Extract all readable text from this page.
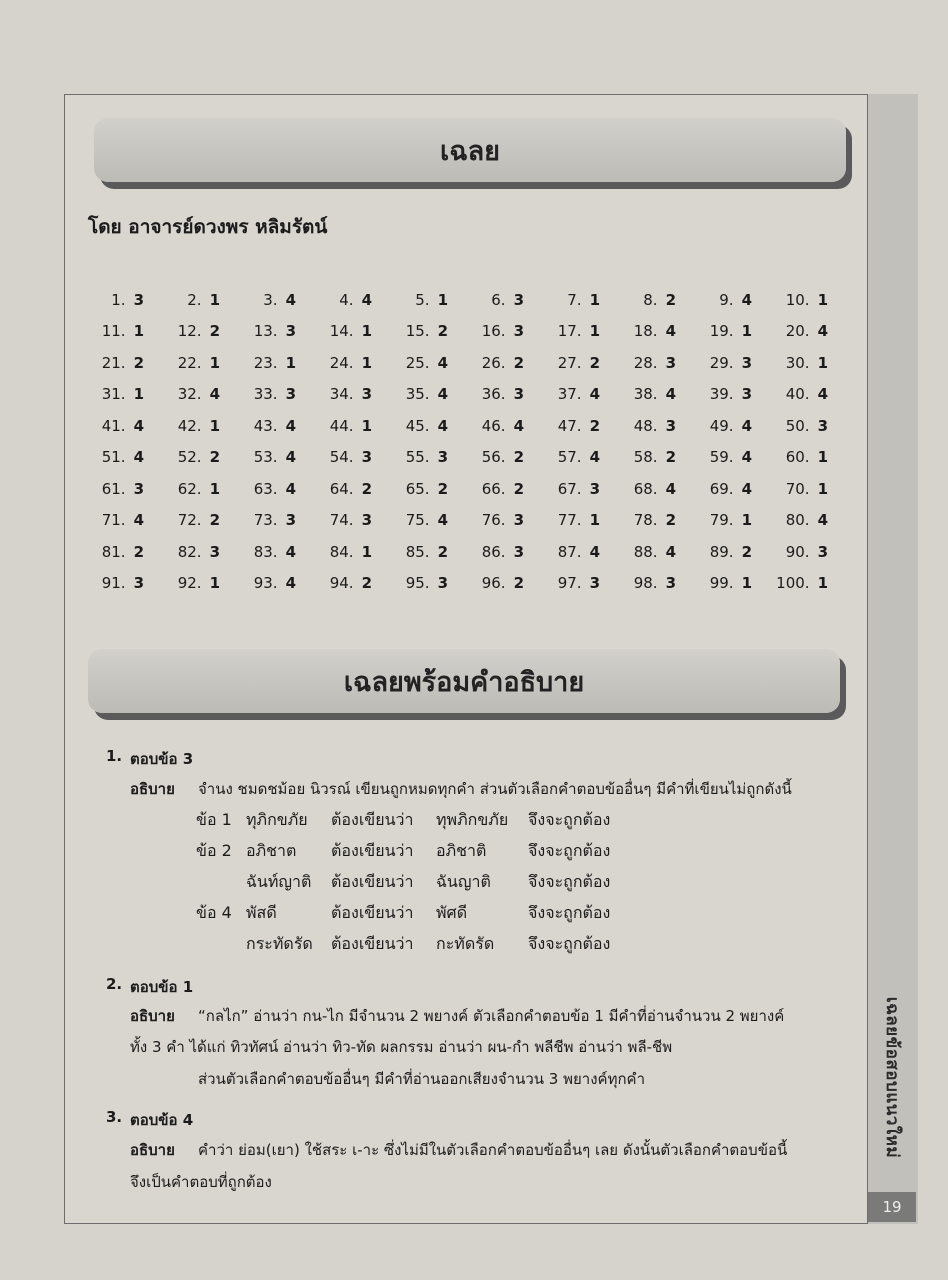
เฉลยข้อสอบแนวใหม่
19
เฉลย
โดย อาจารย์ดวงพร หลิมรัตน์
1. 3	2. 1	3. 4	4. 4	5. 1	6. 3	7. 1	8. 2	9. 4 10. 1
11. 1 12. 2 13. 3 14. 1 15. 2 16. 3 17. 1 18. 4 19. 1 20. 4
21. 2 22. 1 23. 1 24. 1 25. 4 26. 2 27. 2 28. 3 29. 3 30. 1
31. 1 32. 4 33. 3 34. 3 35. 4 36. 3 37. 4 38. 4 39. 3 40. 4
41. 4 42. 1 43. 4 44. 1 45. 4 46. 4 47. 2 48. 3 49. 4 50. 3
51. 4 52. 2 53. 4 54. 3 55. 3 56. 2 57. 4 58. 2 59. 4 60. 1
61. 3 62. 1 63. 4 64. 2 65. 2 66. 2 67. 3 68. 4 69. 4 70. 1
71. 4 72. 2 73. 3 74. 3 75. 4 76. 3 77. 1 78. 2 79. 1 80. 4
81. 2 82. 3 83. 4 84. 1 85. 2 86. 3 87. 4 88. 4 89. 2 90. 3
91. 3 92. 1 93. 4 94. 2 95. 3 96. 2 97. 3 98. 3 99. 1 100. 1
เฉลยพร้อมคำอธิบาย
1. ตอบข้อ 3
อธิบาย จำนง ชมดชม้อย นิวรณ์ เขียนถูกหมดทุกคำ ส่วนตัวเลือกคำตอบข้ออื่นๆ มีคำที่เขียนไม่ถูกดังนี้
ข้อ 1 ทุภิกขภัย ต้องเขียนว่า ทุพภิกขภัย จึงจะถูกต้อง
ข้อ 2 อภิชาต ต้องเขียนว่า อภิชาติ	จึงจะถูกต้อง
ฉันท์ญาติ ต้องเขียนว่า ฉันญาติ จึงจะถูกต้อง
ข้อ 4 พัสดี	ต้องเขียนว่า พัศดี	จึงจะถูกต้อง
กระทัดรัด ต้องเขียนว่า กะทัดรัด จึงจะถูกต้อง
2. ตอบข้อ 1
อธิบาย “กลไก” อ่านว่า กน-ไก มีจำนวน 2 พยางค์ ตัวเลือกคำตอบข้อ 1 มีคำที่อ่านจำนวน 2 พยางค์
ทั้ง 3 คำ ได้แก่ ทิวทัศน์ อ่านว่า ทิว-ทัด ผลกรรม อ่านว่า ผน-กำ พลีชีพ อ่านว่า พลี-ชีพ
ส่วนตัวเลือกคำตอบข้ออื่นๆ มีคำที่อ่านออกเสียงจำนวน 3 พยางค์ทุกคำ
3. ตอบข้อ 4
อธิบาย คำว่า ย่อม(เยา) ใช้สระ เ-าะ ซึ่งไม่มีในตัวเลือกคำตอบข้ออื่นๆ เลย ดังนั้นตัวเลือกคำตอบข้อนี้
จึงเป็นคำตอบที่ถูกต้อง
